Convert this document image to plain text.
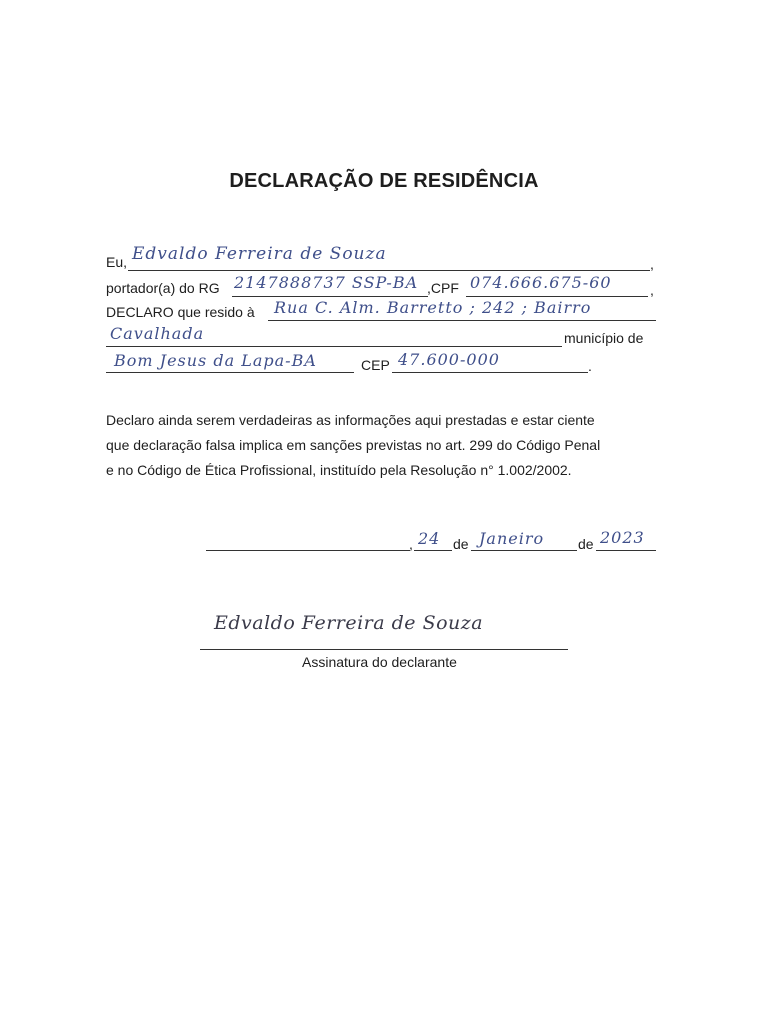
DECLARAÇÃO DE RESIDÊNCIA
Eu, Edvaldo Ferreira de Souza	,
portador(a) do RG 2147888737 SSP-BA ,CPF 074.666.675-60	,
DECLARO que resido à Rua C. Alm. Barretto ; 242 ; Bairro
Cavalhada	município de
Bom Jesus da Lapa-BA	CEP 47.600-000	.

Declaro ainda serem verdadeiras as informações aqui prestadas e estar ciente

que declaração falsa implica em sanções previstas no art. 299 do Código Penal

e no Código de Ética Profissional, instituído pela Resolução n° 1.002/2002.

, 24 de Janeiro de 2023
Edvaldo Ferreira de Souza
Assinatura do declarante
